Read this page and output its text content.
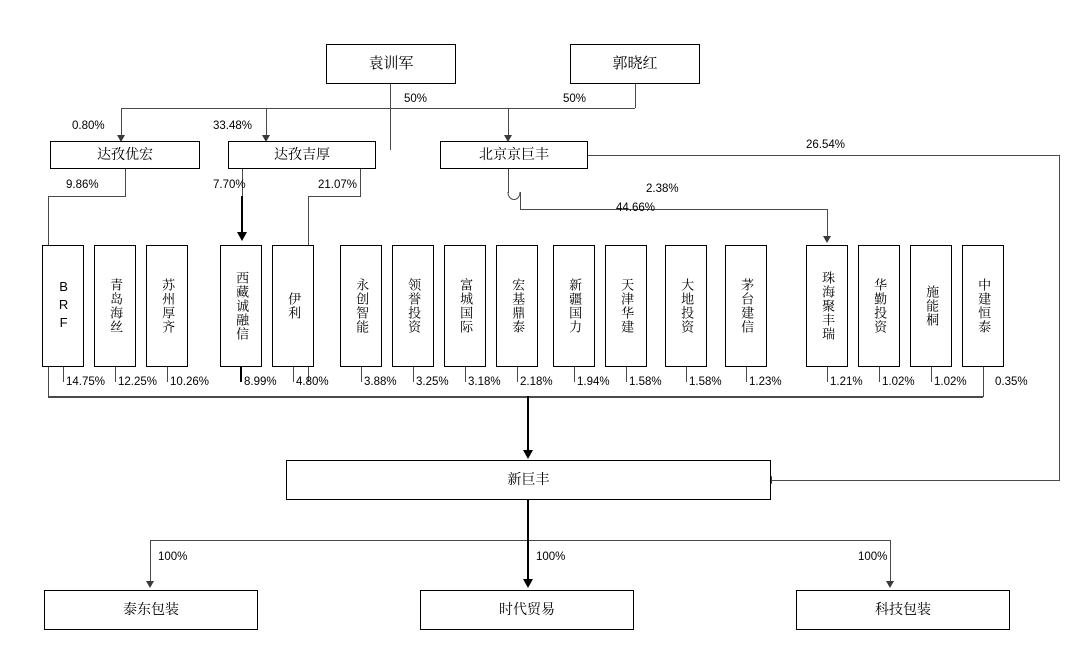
袁训军	郭晓红
0.80%	33.48%
50%	50%
达孜优宏	达孜吉厚	北京京巨丰
9.86%	7.70%	21.07%
26.54%
2.38%
44.66%
BRF	青岛海丝	苏州厚齐	西藏诚融信	伊利	永创智能	领誉投资	富城国际	宏基鼎泰	新疆国力	天津华建	大地投资	茅台建信	珠海聚丰瑞	华勤投资	施能桐	中建恒泰
14.75% 12.25% 10.26%	8.99% 4.80%	3.88% 3.25% 3.18% 2.18% 1.94% 1.58% 1.58% 1.23%	1.21% 1.02% 1.02% 0.35%
新巨丰
100%	100%	100%
泰东包装	时代贸易	科技包装
